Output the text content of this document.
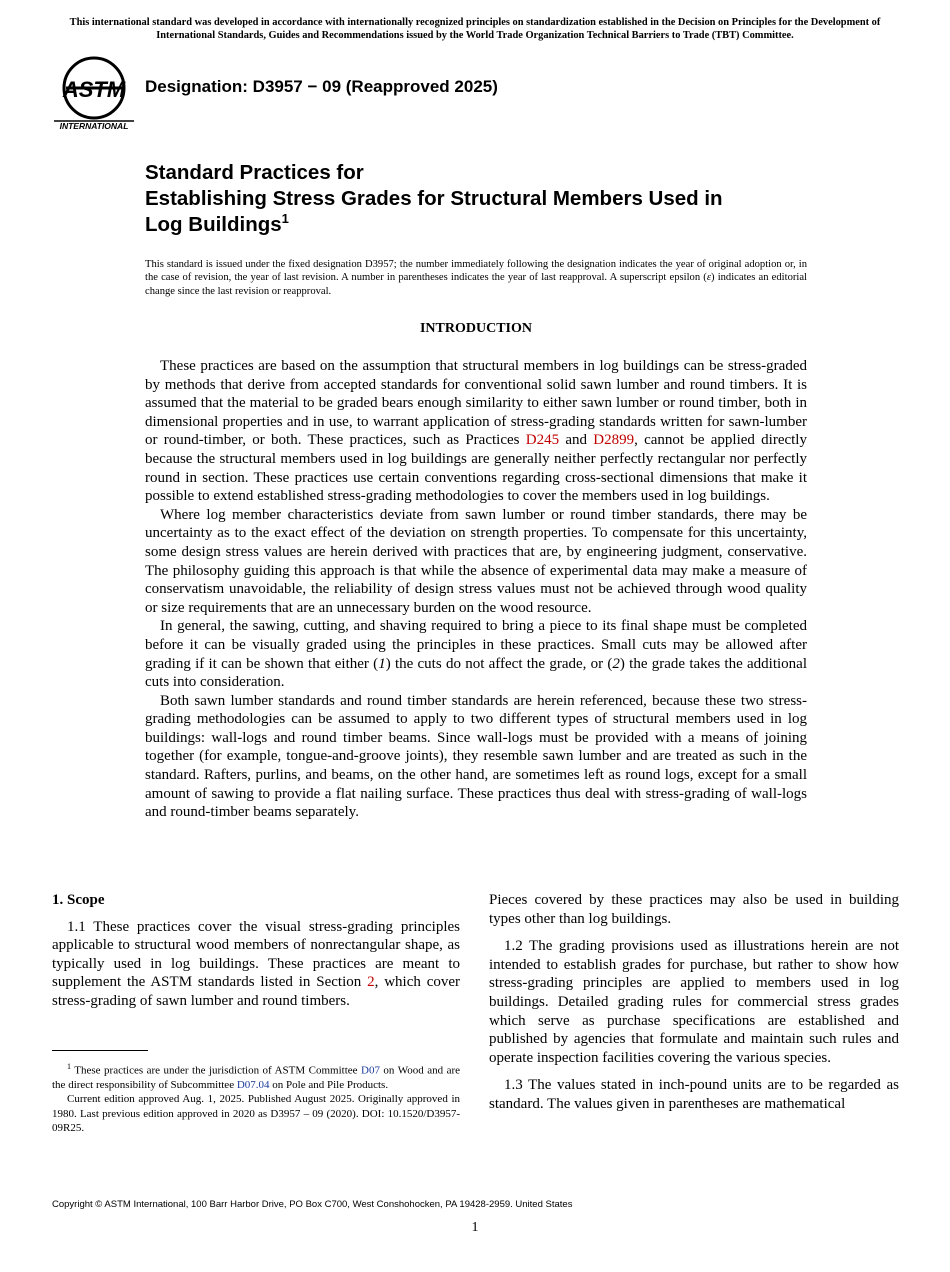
This international standard was developed in accordance with internationally recognized principles on standardization established in the Decision on Principles for the Development of International Standards, Guides and Recommendations issued by the World Trade Organization Technical Barriers to Trade (TBT) Committee.

ASTM
INTERNATIONAL
Designation: D3957 − 09 (Reapproved 2025)
Standard Practices for
Establishing Stress Grades for Structural Members Used in
Log Buildings$^1$

This standard is issued under the fixed designation D3957; the number immediately following the designation indicates the year of original adoption or, in the case of revision, the year of last revision. A number in parentheses indicates the year of last reapproval. A superscript epsilon (ε) indicates an editorial change since the last revision or reapproval.

INTRODUCTION

These practices are based on the assumption that structural members in log buildings can be stress-graded by methods that derive from accepted standards for conventional solid sawn lumber and round timbers. It is assumed that the material to be graded bears enough similarity to either sawn lumber or round timber, both in dimensional properties and in use, to warrant application of stress-grading standards written for sawn-lumber or round-timber, or both. These practices, such as Practices D245 and D2899, cannot be applied directly because the structural members used in log buildings are generally neither perfectly rectangular nor perfectly round in section. These practices use certain conventions regarding cross-sectional dimensions that make it possible to extend established stress-grading methodologies to cover the members used in log buildings.

Where log member characteristics deviate from sawn lumber or round timber standards, there may be uncertainty as to the exact effect of the deviation on strength properties. To compensate for this uncertainty, some design stress values are herein derived with practices that are, by engineering judgment, conservative. The philosophy guiding this approach is that while the absence of experimental data may make a measure of conservatism unavoidable, the reliability of design stress values must not be achieved through wood quality or size requirements that are an unnecessary burden on the wood resource.

In general, the sawing, cutting, and shaving required to bring a piece to its final shape must be completed before it can be visually graded using the principles in these practices. Small cuts may be allowed after grading if it can be shown that either (1) the cuts do not affect the grade, or (2) the grade takes the additional cuts into consideration.

Both sawn lumber standards and round timber standards are herein referenced, because these two stress-grading methodologies can be assumed to apply to two different types of structural members used in log buildings: wall-logs and round timber beams. Since wall-logs must be provided with a means of joining together (for example, tongue-and-groove joints), they resemble sawn lumber and are treated as such in the standard. Rafters, purlins, and beams, on the other hand, are sometimes left as round logs, except for a small amount of sawing to provide a flat nailing surface. These practices thus deal with stress-grading of wall-logs and round-timber beams separately.

1. Scope

1.1 These practices cover the visual stress-grading principles applicable to structural wood members of nonrectangular shape, as typically used in log buildings. These practices are meant to supplement the ASTM standards listed in Section 2, which cover stress-grading of sawn lumber and round timbers.

$^1$ These practices are under the jurisdiction of ASTM Committee D07 on Wood and are the direct responsibility of Subcommittee D07.04 on Pole and Pile Products.

Current edition approved Aug. 1, 2025. Published August 2025. Originally approved in 1980. Last previous edition approved in 2020 as D3957 – 09 (2020). DOI: 10.1520/D3957-09R25.

Pieces covered by these practices may also be used in building types other than log buildings.

1.2 The grading provisions used as illustrations herein are not intended to establish grades for purchase, but rather to show how stress-grading principles are applied to members used in log buildings. Detailed grading rules for commercial stress grades which serve as purchase specifications are established and published by agencies that formulate and maintain such rules and operate inspection facilities covering the various species.

1.3 The values stated in inch-pound units are to be regarded as standard. The values given in parentheses are mathematical

Copyright © ASTM International, 100 Barr Harbor Drive, PO Box C700, West Conshohocken, PA 19428-2959. United States

1
